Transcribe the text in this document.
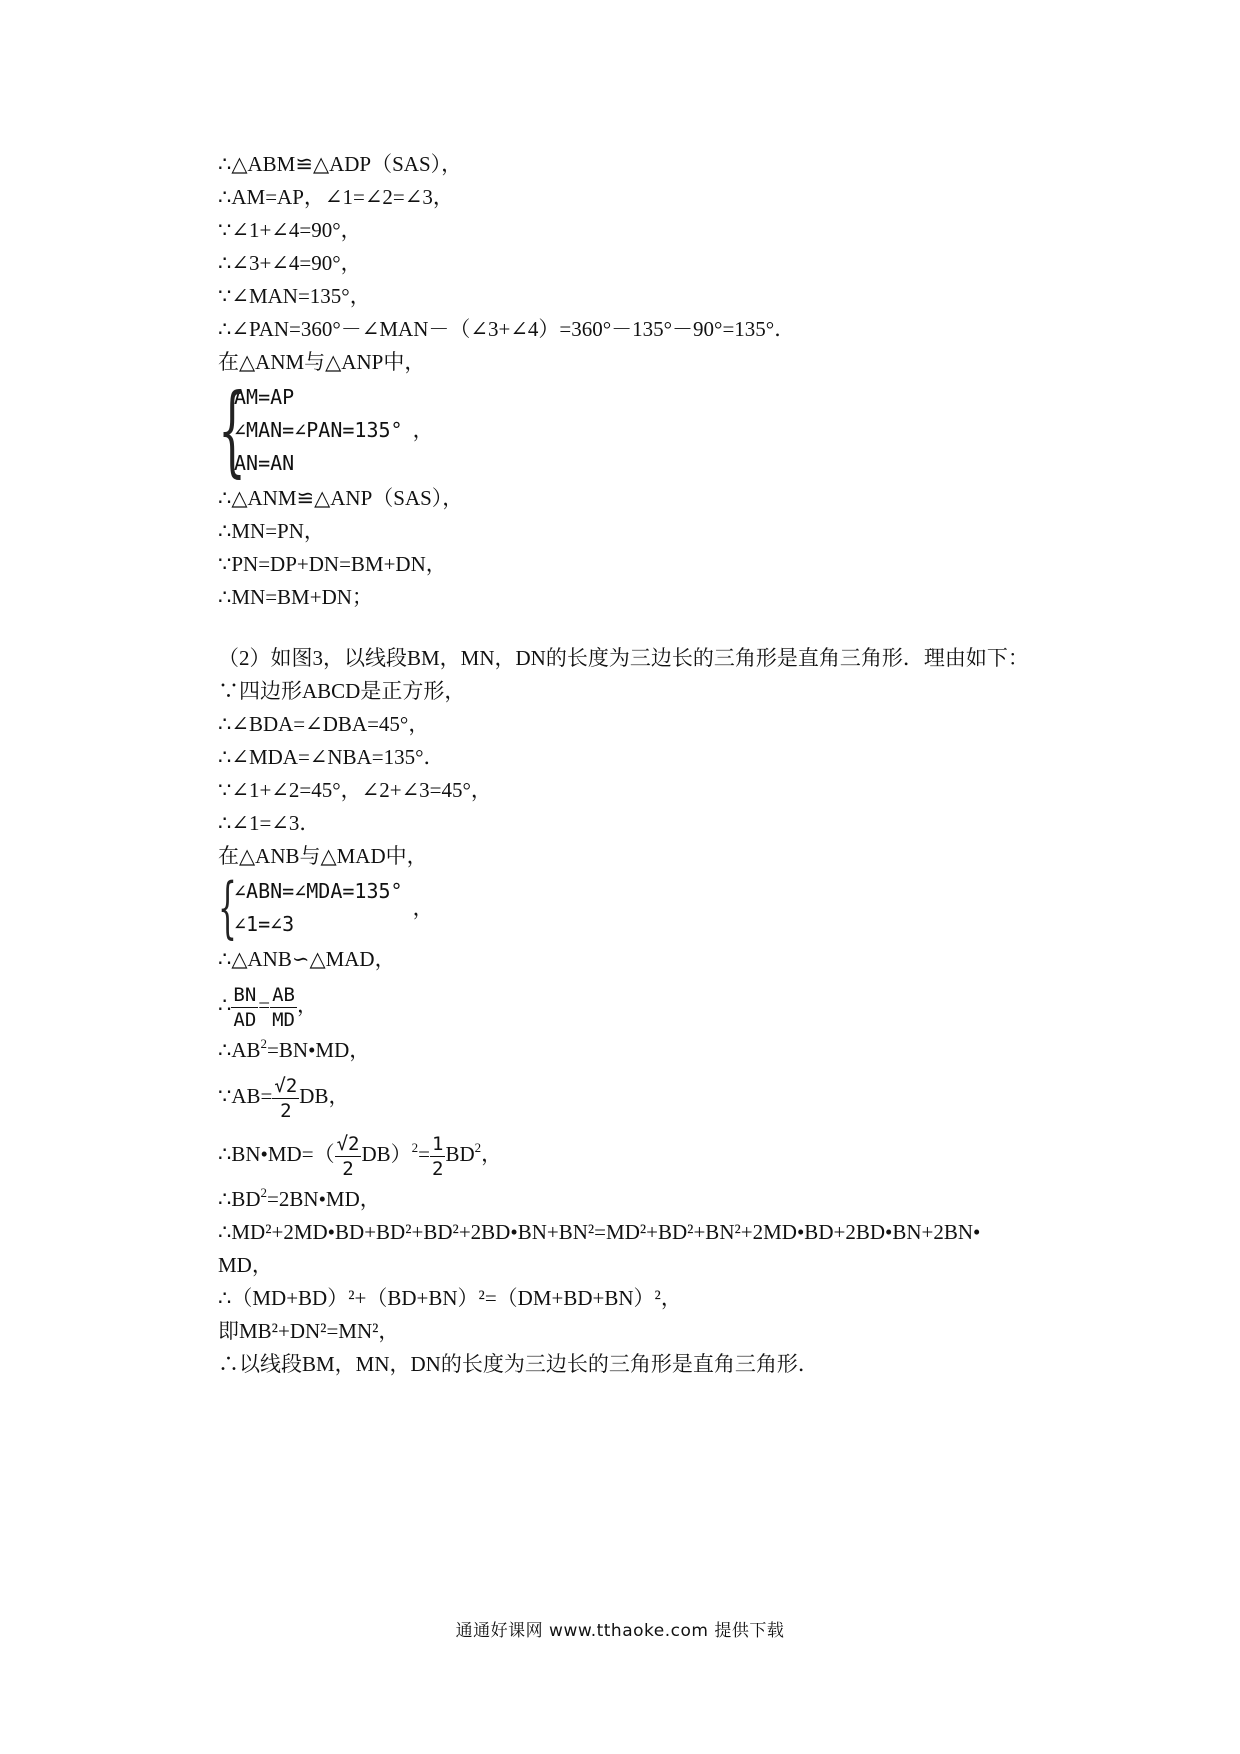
∴△ABM≌△ADP（SAS），
∴AM=AP，∠1=∠2=∠3，
∵∠1+∠4=90°，
∴∠3+∠4=90°，
∵∠MAN=135°，
∴∠PAN=360°－∠MAN－（∠3+∠4）=360°－135°－90°=135°．
在△ANM与△ANP中，
{
AM=AP
∠MAN=∠PAN=135°
AN=AN
，
∴△ANM≌△ANP（SAS），
∴MN=PN，
∵PN=DP+DN=BM+DN，
∴MN=BM+DN；
（2）如图3，以线段BM，MN，DN的长度为三边长的三角形是直角三角形．理由如下：
∵四边形ABCD是正方形，
∴∠BDA=∠DBA=45°，
∴∠MDA=∠NBA=135°．
∵∠1+∠2=45°，∠2+∠3=45°，
∴∠1=∠3．
在△ANB与△MAD中，
{
∠ABN=∠MDA=135°
∠1=∠3
，
∴△ANB∽△MAD，
∴ $\frac{BN}{AD} = \frac{AB}{MD}$ ，
$\therefore AB^2=BN•MD$，
∵AB= $\frac{√2}{2}$ DB，
∴BN•MD=（ $\frac{√2}{2} DB)^2= \frac{1}{2} BD^2$，
$\therefore BD^2=2BN•MD$，
∴MD²+2MD•BD+BD²+BD²+2BD•BN+BN²=MD²+BD²+BN²+2MD•BD+2BD•BN+2BN•
MD，
∴（MD+BD）²+（BD+BN）²=（DM+BD+BN）²，
即MB²+DN²=MN²，
∴以线段BM，MN，DN的长度为三边长的三角形是直角三角形．
通通好课网 www.tthaoke.com 提供下载
